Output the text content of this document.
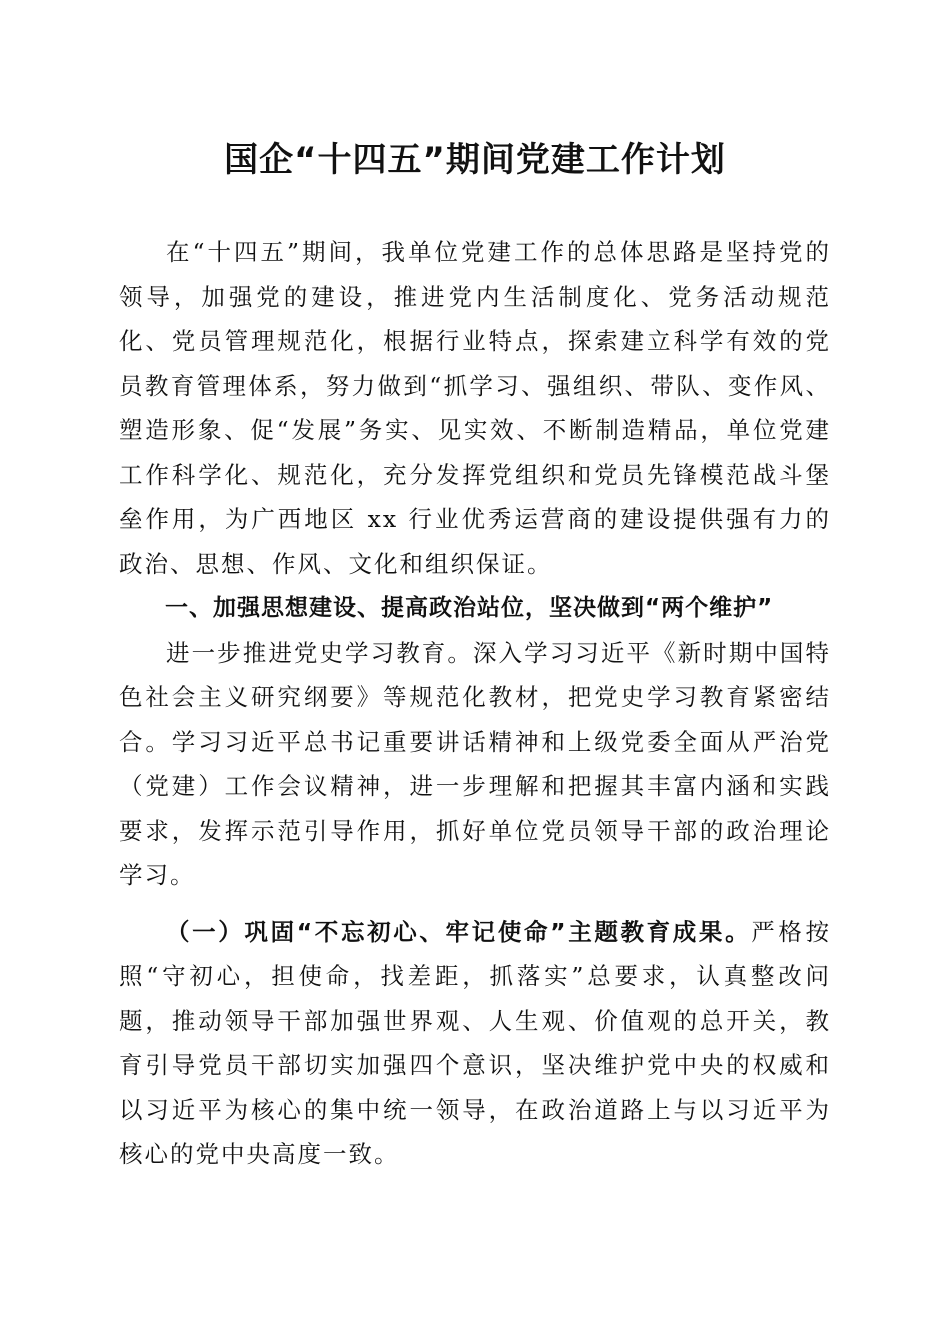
国企“十四五”期间党建工作计划

在“十四五”期间，我单位党建工作的总体思路是坚持党的领导，加强党的建设，推进党内生活制度化、党务活动规范化、党员管理规范化，根据行业特点，探索建立科学有效的党员教育管理体系，努力做到“抓学习、强组织、带队、变作风、塑造形象、促“发展”务实、见实效、不断制造精品，单位党建工作科学化、规范化，充分发挥党组织和党员先锋模范战斗堡垒作用，为广西地区 xx 行业优秀运营商的建设提供强有力的政治、思想、作风、文化和组织保证。

一、加强思想建设、提高政治站位，坚决做到“两个维护”

进一步推进党史学习教育。深入学习习近平《新时期中国特色社会主义研究纲要》等规范化教材，把党史学习教育紧密结合。学习习近平总书记重要讲话精神和上级党委全面从严治党（党建）工作会议精神，进一步理解和把握其丰富内涵和实践要求，发挥示范引导作用，抓好单位党员领导干部的政治理论学习。

（一）巩固“不忘初心、牢记使命”主题教育成果。严格按照“守初心，担使命，找差距，抓落实”总要求，认真整改问题，推动领导干部加强世界观、人生观、价值观的总开关，教育引导党员干部切实加强四个意识，坚决维护党中央的权威和以习近平为核心的集中统一领导，在政治道路上与以习近平为核心的党中央高度一致。
